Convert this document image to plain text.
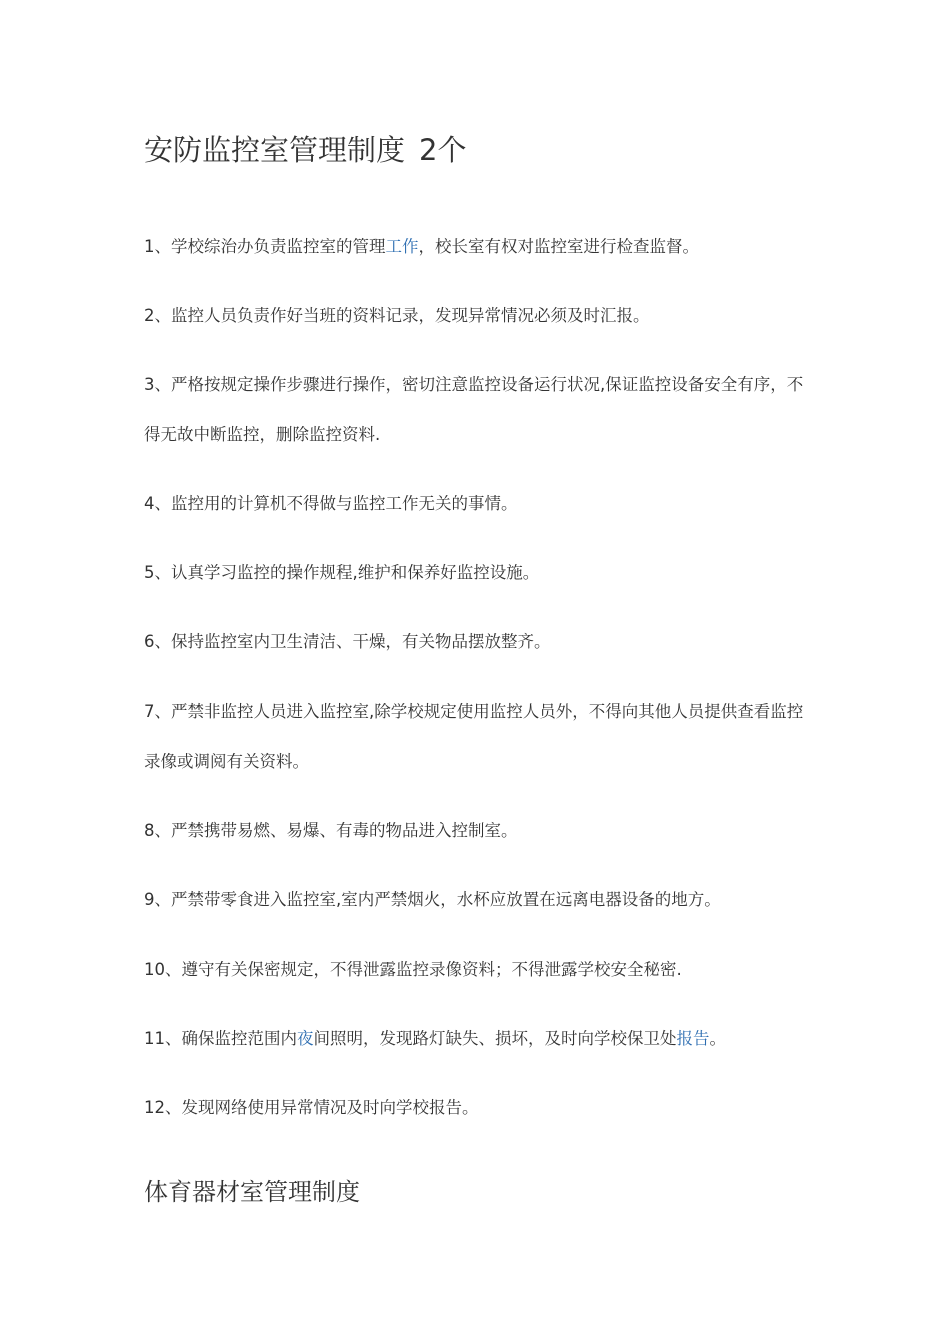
安防监控室管理制度 2个

1、学校综治办负责监控室的管理工作，校长室有权对监控室进行检查监督。

2、监控人员负责作好当班的资料记录，发现异常情况必须及时汇报。

3、严格按规定操作步骤进行操作，密切注意监控设备运行状况,保证监控设备安全有序，不得无故中断监控，删除监控资料.

4、监控用的计算机不得做与监控工作无关的事情。

5、认真学习监控的操作规程,维护和保养好监控设施。

6、保持监控室内卫生清洁、干燥，有关物品摆放整齐。

7、严禁非监控人员进入监控室,除学校规定使用监控人员外，不得向其他人员提供查看监控录像或调阅有关资料。

8、严禁携带易燃、易爆、有毒的物品进入控制室。

9、严禁带零食进入监控室,室内严禁烟火，水杯应放置在远离电器设备的地方。

10、遵守有关保密规定，不得泄露监控录像资料；不得泄露学校安全秘密.

11、确保监控范围内夜间照明，发现路灯缺失、损坏，及时向学校保卫处报告。

12、发现网络使用异常情况及时向学校报告。

体育器材室管理制度
